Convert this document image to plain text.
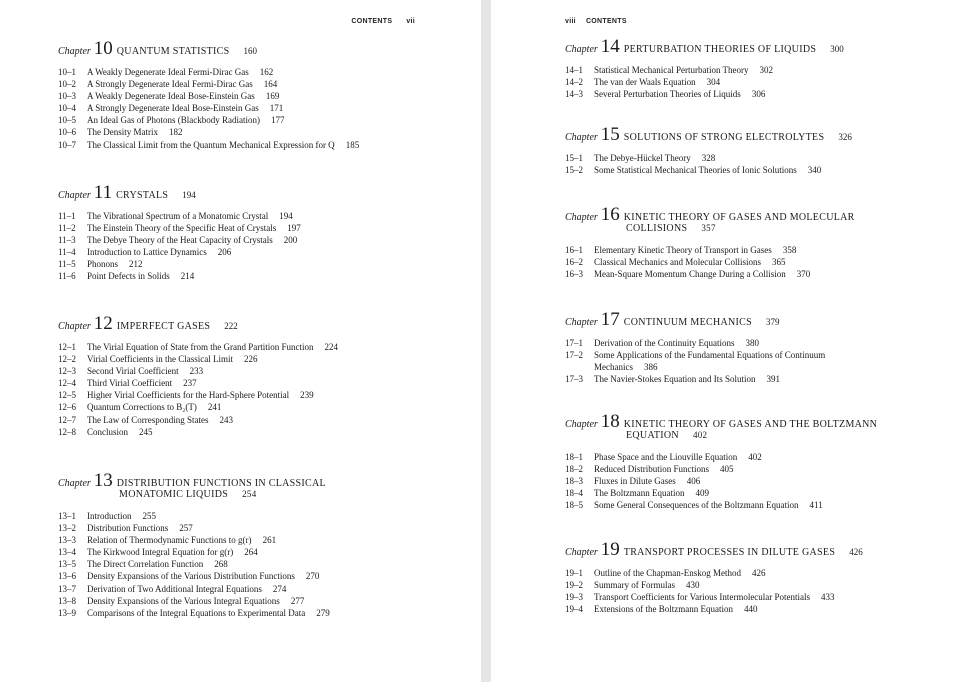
CONTENTS vii
Chapter 10 QUANTUM STATISTICS 160
10–1 A Weakly Degenerate Ideal Fermi-Dirac Gas 162
10–2 A Strongly Degenerate Ideal Fermi-Dirac Gas 164
10–3 A Weakly Degenerate Ideal Bose-Einstein Gas 169
10–4 A Strongly Degenerate Ideal Bose-Einstein Gas 171
10–5 An Ideal Gas of Photons (Blackbody Radiation) 177
10–6 The Density Matrix 182
10–7 The Classical Limit from the Quantum Mechanical Expression for Q 185
Chapter 11 CRYSTALS 194
11–1 The Vibrational Spectrum of a Monatomic Crystal 194
11–2 The Einstein Theory of the Specific Heat of Crystals 197
11–3 The Debye Theory of the Heat Capacity of Crystals 200
11–4 Introduction to Lattice Dynamics 206
11–5 Phonons 212
11–6 Point Defects in Solids 214
Chapter 12 IMPERFECT GASES 222
12–1 The Virial Equation of State from the Grand Partition Function 224
12–2 Virial Coefficients in the Classical Limit 226
12–3 Second Virial Coefficient 233
12–4 Third Virial Coefficient 237
12–5 Higher Virial Coefficients for the Hard-Sphere Potential 239
12–6 Quantum Corrections to B₂(T) 241
12–7 The Law of Corresponding States 243
12–8 Conclusion 245
Chapter 13 DISTRIBUTION FUNCTIONS IN CLASSICAL
MONATOMIC LIQUIDS 254
13–1 Introduction 255
13–2 Distribution Functions 257
13–3 Relation of Thermodynamic Functions to g(r) 261
13–4 The Kirkwood Integral Equation for g(r) 264
13–5 The Direct Correlation Function 268
13–6 Density Expansions of the Various Distribution Functions 270
13–7 Derivation of Two Additional Integral Equations 274
13–8 Density Expansions of the Various Integral Equations 277
13–9 Comparisons of the Integral Equations to Experimental Data 279
viii CONTENTS
Chapter 14 PERTURBATION THEORIES OF LIQUIDS 300
14–1 Statistical Mechanical Perturbation Theory 302
14–2 The van der Waals Equation 304
14–3 Several Perturbation Theories of Liquids 306
Chapter 15 SOLUTIONS OF STRONG ELECTROLYTES 326
15–1 The Debye-Hückel Theory 328
15–2 Some Statistical Mechanical Theories of Ionic Solutions 340
Chapter 16 KINETIC THEORY OF GASES AND MOLECULAR
COLLISIONS 357
16–1 Elementary Kinetic Theory of Transport in Gases 358
16–2 Classical Mechanics and Molecular Collisions 365
16–3 Mean-Square Momentum Change During a Collision 370
Chapter 17 CONTINUUM MECHANICS 379
17–1 Derivation of the Continuity Equations 380
17–2 Some Applications of the Fundamental Equations of Continuum
Mechanics 386
17–3 The Navier-Stokes Equation and Its Solution 391
Chapter 18 KINETIC THEORY OF GASES AND THE BOLTZMANN
EQUATION 402
18–1 Phase Space and the Liouville Equation 402
18–2 Reduced Distribution Functions 405
18–3 Fluxes in Dilute Gases 406
18–4 The Boltzmann Equation 409
18–5 Some General Consequences of the Boltzmann Equation 411
Chapter 19 TRANSPORT PROCESSES IN DILUTE GASES 426
19–1 Outline of the Chapman-Enskog Method 426
19–2 Summary of Formulas 430
19–3 Transport Coefficients for Various Intermolecular Potentials 433
19–4 Extensions of the Boltzmann Equation 440
